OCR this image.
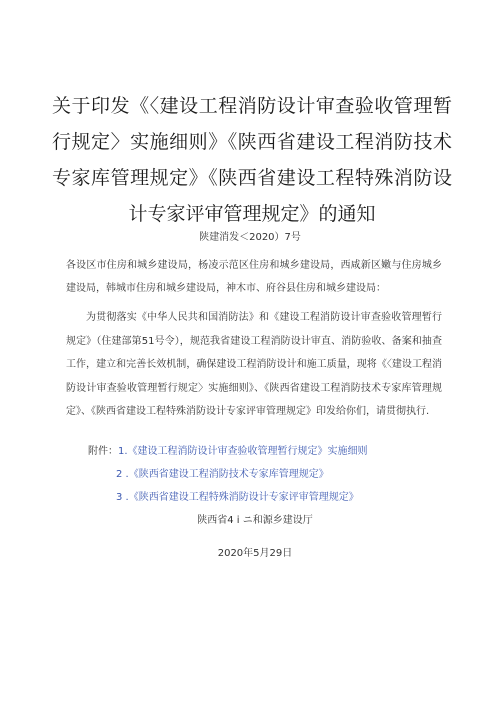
关于印发《〈建设工程消防设计审查验收管理暂行规定〉实施细则》《陕西省建设工程消防技术专家库管理规定》《陕西省建设工程特殊消防设计专家评审管理规定》的通知
陕建消发＜2020）7号

各设区市住房和城乡建设局，杨凌示范区住房和城乡建设局，西咸新区嫩与住房城乡建设局，韩城市住房和城乡建设局，神木市、府谷县住房和城乡建设局：

为贯彻落实《中华人民共和国消防法》和《建设工程消防设计审查验收管理暂行规定》（住建部第51号令），规范我省建设工程消防设计审直、消防验收、备案和抽查工作，建立和完善长效机制，确保建设工程消防设计和施工质量，现将《〈建设工程消防设计审查验收管理暂行规定〉实施细则》、《陕西省建设工程消防技术专家库管理规定》、《陕西省建设工程特殊消防设计专家评审管理规定》印发给你们，请贯彻执行.

附件：1.《建设工程消防设计审查验收管理暂行规定》实施细则
2 .《陕西省建设工程消防技术专家库管理规定》
3 .《陕西省建设工程特殊消防设计专家评审管理规定》
陕西省4 i ニ和源乡建设厅
2020年5月29日
